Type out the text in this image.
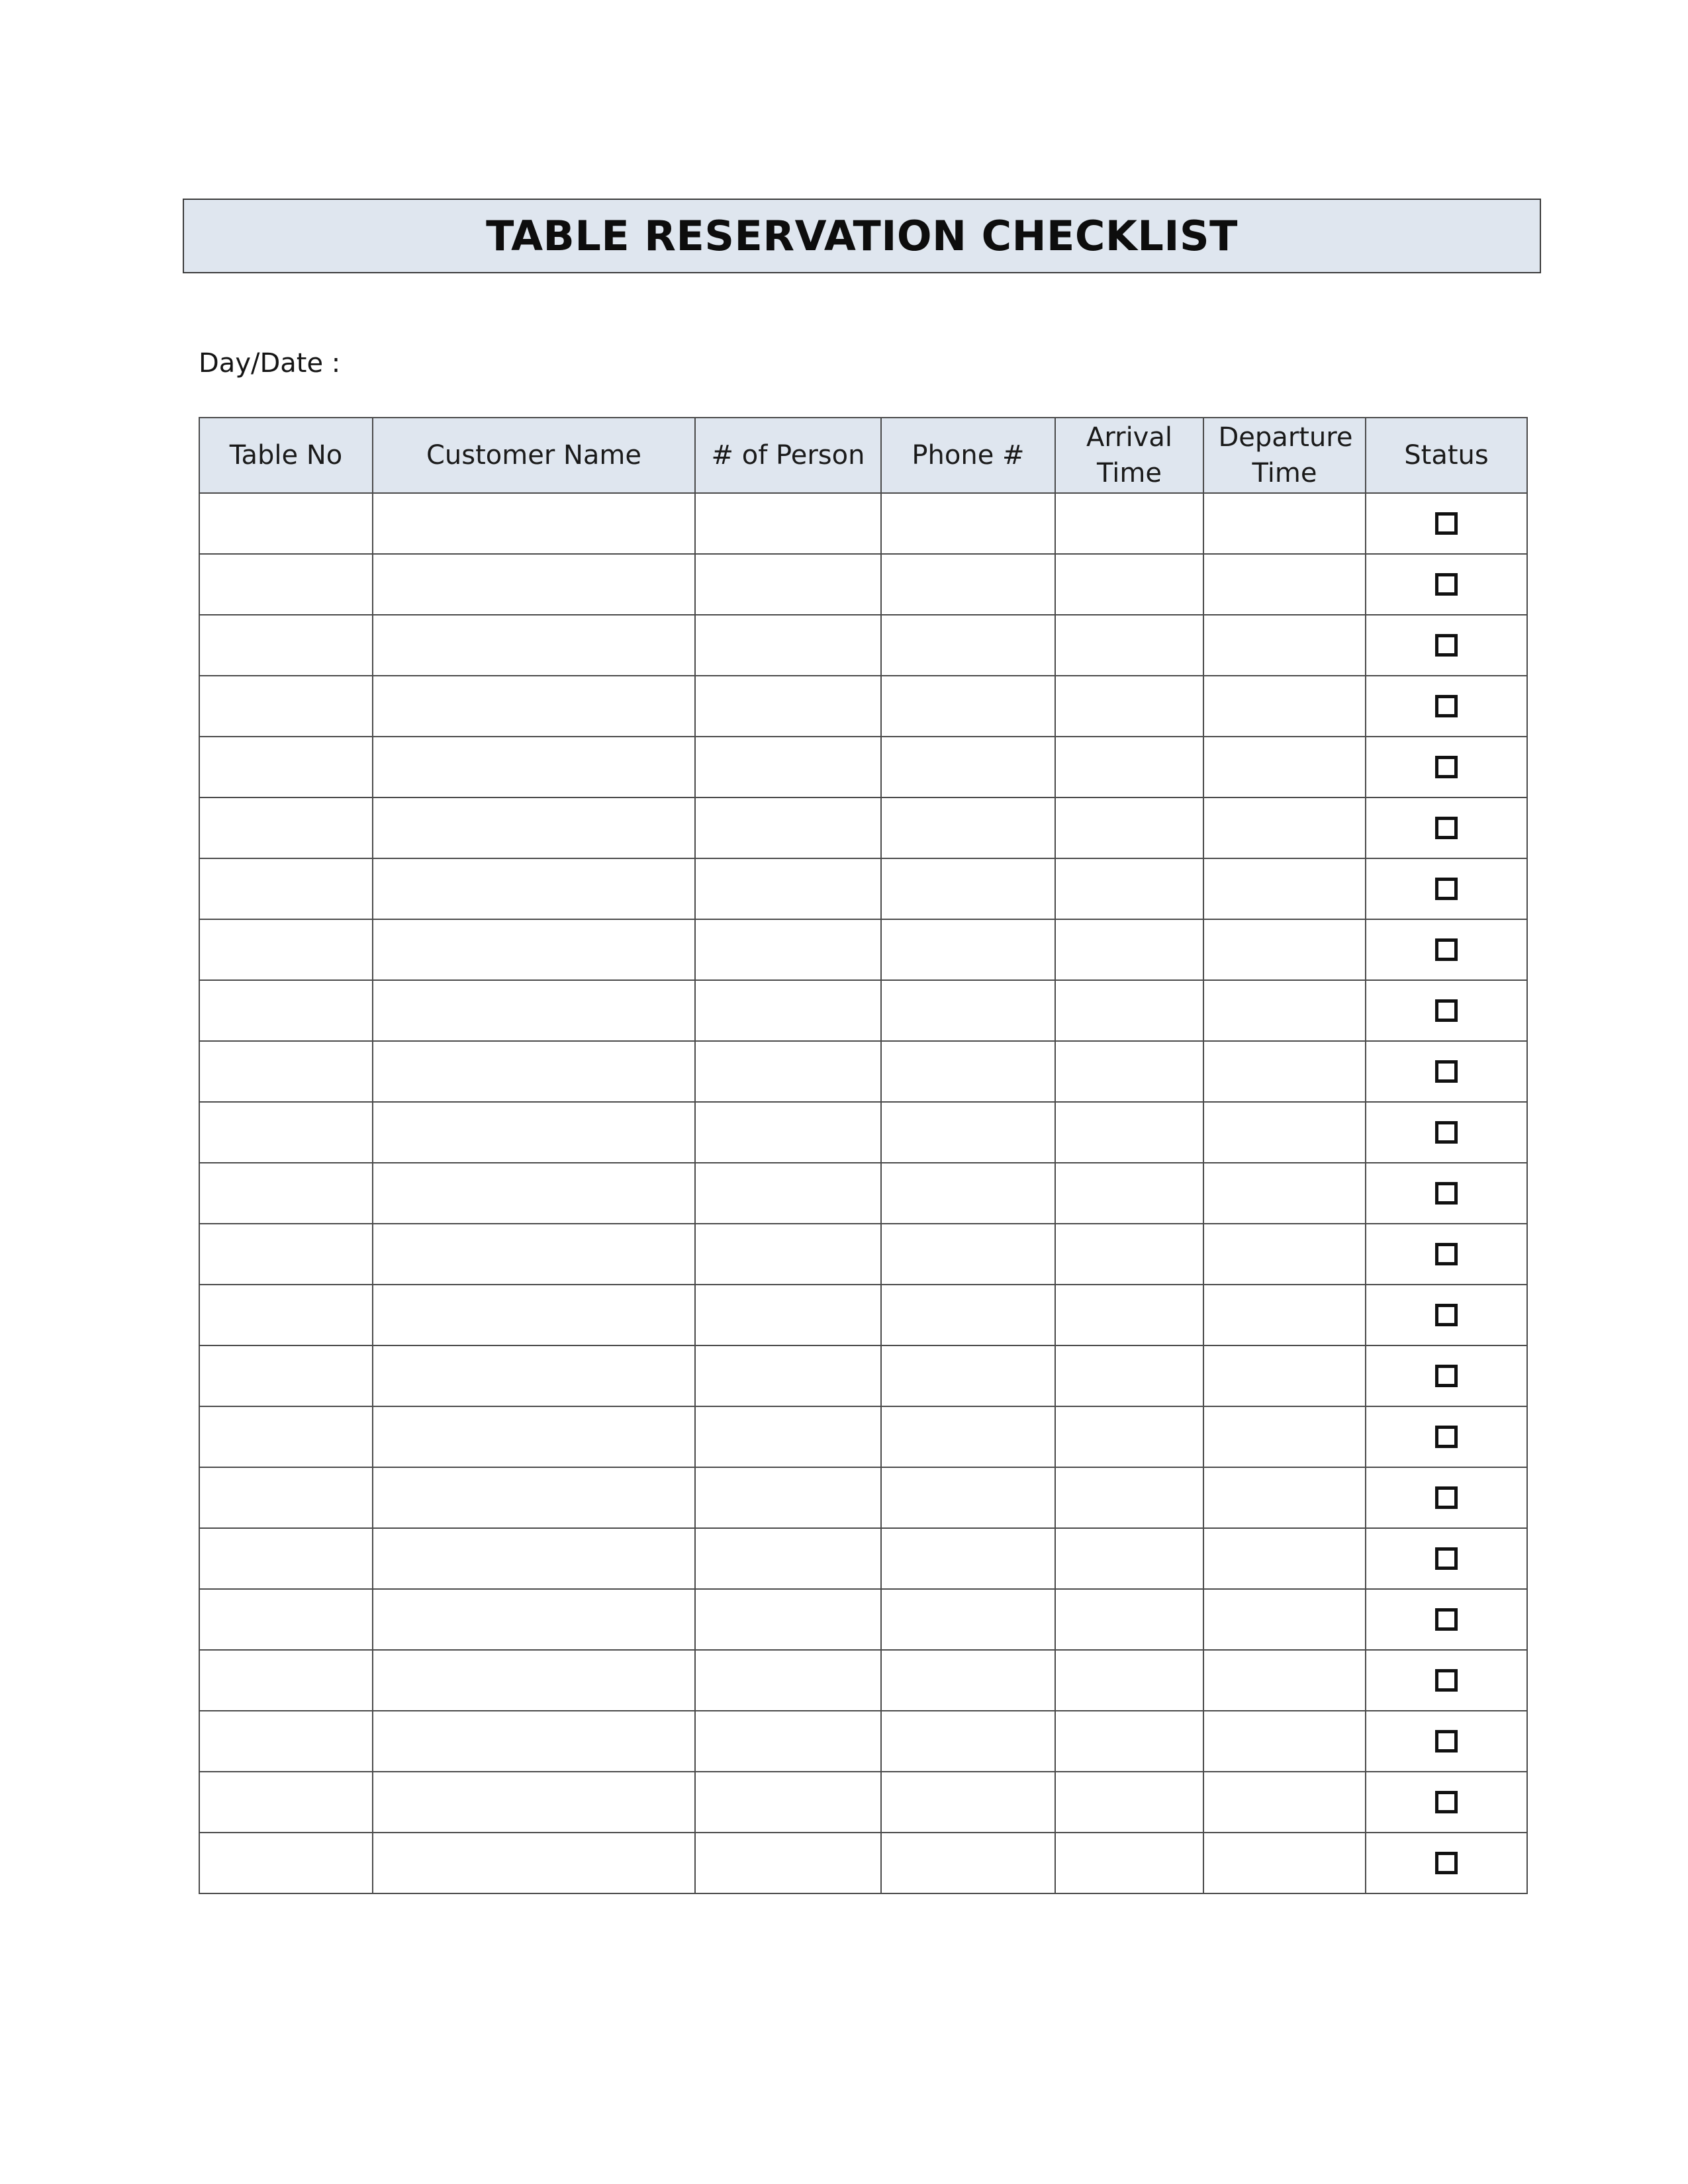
TABLE RESERVATION CHECKLIST
Day/Date :
Table No	Customer Name	# of Person	Phone #	Arrival Time	Departure Time	Status
